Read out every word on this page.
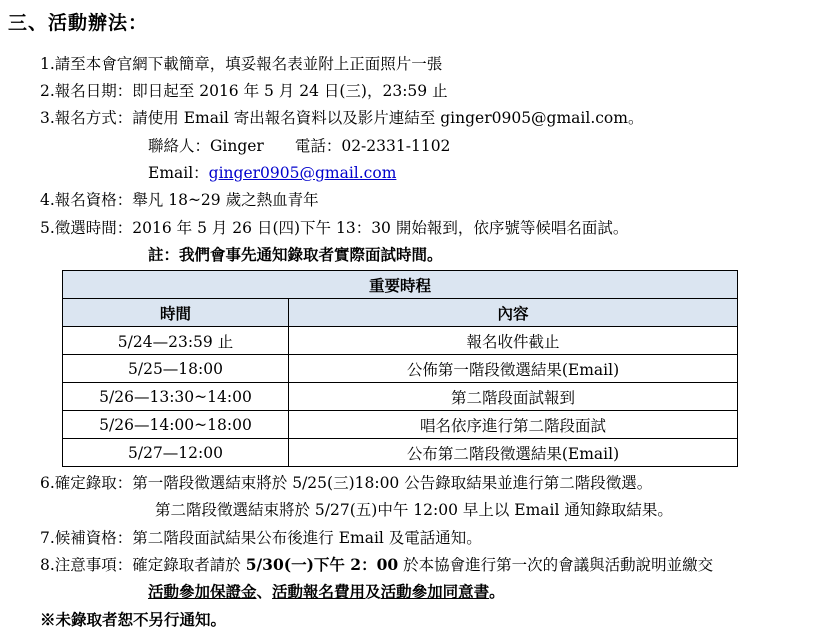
三、活動辦法：
1.請至本會官網下載簡章，填妥報名表並附上正面照片一張
2.報名日期：即日起至 2016 年 5 月 24 日(三)，23:59 止
3.報名方式：請使用 Email 寄出報名資料以及影片連結至 ginger0905@gmail.com。
聯絡人：Ginger　　電話：02-2331-1102
Email：ginger0905@gmail.com
4.報名資格：舉凡 18~29 歲之熱血青年
5.徵選時間：2016 年 5 月 26 日(四)下午 13：30 開始報到，依序號等候唱名面試。
註：我們會事先通知錄取者實際面試時間。
重要時程	
時間	內容
5/24—23:59 止	報名收件截止
5/25—18:00	公佈第一階段徵選結果(Email)
5/26—13:30~14:00	第二階段面試報到
5/26—14:00~18:00	唱名依序進行第二階段面試
5/27—12:00	公布第二階段徵選結果(Email)
6.確定錄取：第一階段徵選結束將於 5/25(三)18:00 公告錄取結果並進行第二階段徵選。
第二階段徵選結束將於 5/27(五)中午 12:00 早上以 Email 通知錄取結果。
7.候補資格：第二階段面試結果公布後進行 Email 及電話通知。
8.注意事項：確定錄取者請於 5/30(一)下午 2：00 於本協會進行第一次的會議與活動說明並繳交
活動參加保證金、活動報名費用及活動參加同意書。
※未錄取者恕不另行通知。
